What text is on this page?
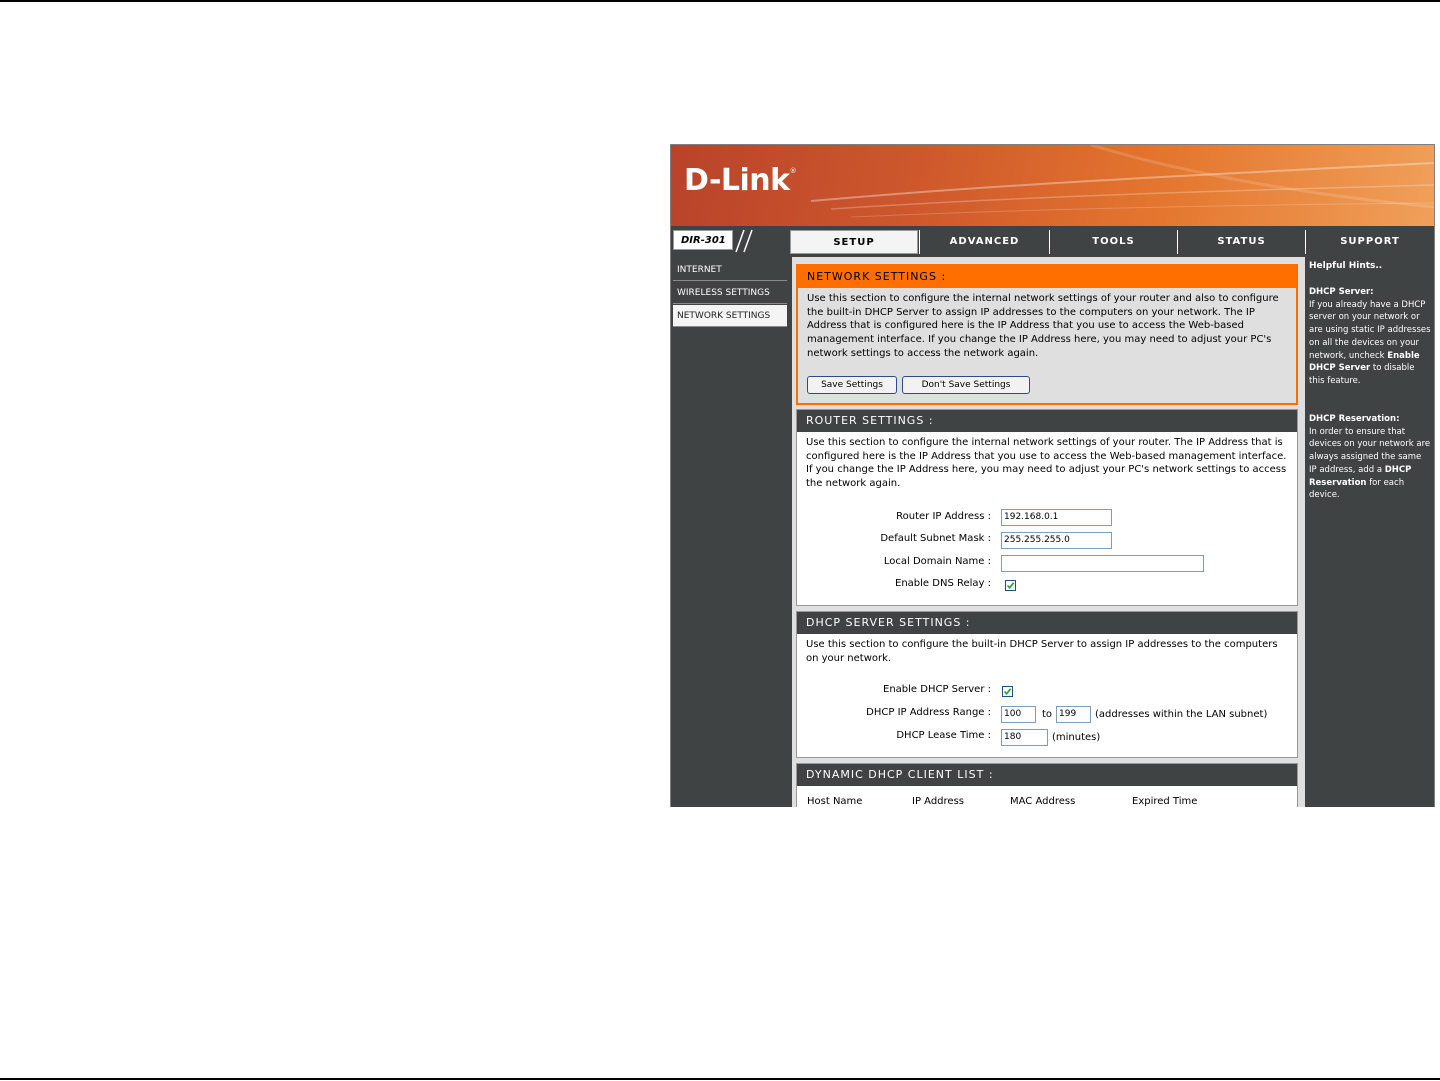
D-Link®
DIR-301	SETUP	ADVANCED	TOOLS	STATUS	SUPPORT
INTERNET
WIRELESS SETTINGS
NETWORK SETTINGS
NETWORK SETTINGS :
Use this section to configure the internal network settings of your router and also to configure the built-in DHCP Server to assign IP addresses to the computers on your network. The IP Address that is configured here is the IP Address that you use to access the Web-based management interface. If you change the IP Address here, you may need to adjust your PC's network settings to access the network again.
Save Settings	Don't Save Settings
ROUTER SETTINGS :
Use this section to configure the internal network settings of your router. The IP Address that is configured here is the IP Address that you use to access the Web-based management interface. If you change the IP Address here, you may need to adjust your PC's network settings to access the network again.
Router IP Address :	192.168.0.1
Default Subnet Mask :	255.255.255.0
Local Domain Name :
Enable DNS Relay :
DHCP SERVER SETTINGS :
Use this section to configure the built-in DHCP Server to assign IP addresses to the computers on your network.
Enable DHCP Server :
DHCP IP Address Range :	100	to 199	(addresses within the LAN subnet)
DHCP Lease Time :	180	(minutes)
DYNAMIC DHCP CLIENT LIST :
Host Name	IP Address	MAC Address	Expired Time
Helpful Hints..
DHCP Server:
If you already have a DHCP server on your network or are using static IP addresses on all the devices on your network, uncheck Enable DHCP Server to disable this feature.
DHCP Reservation:
In order to ensure that devices on your network are always assigned the same IP address, add a DHCP Reservation for each device.
